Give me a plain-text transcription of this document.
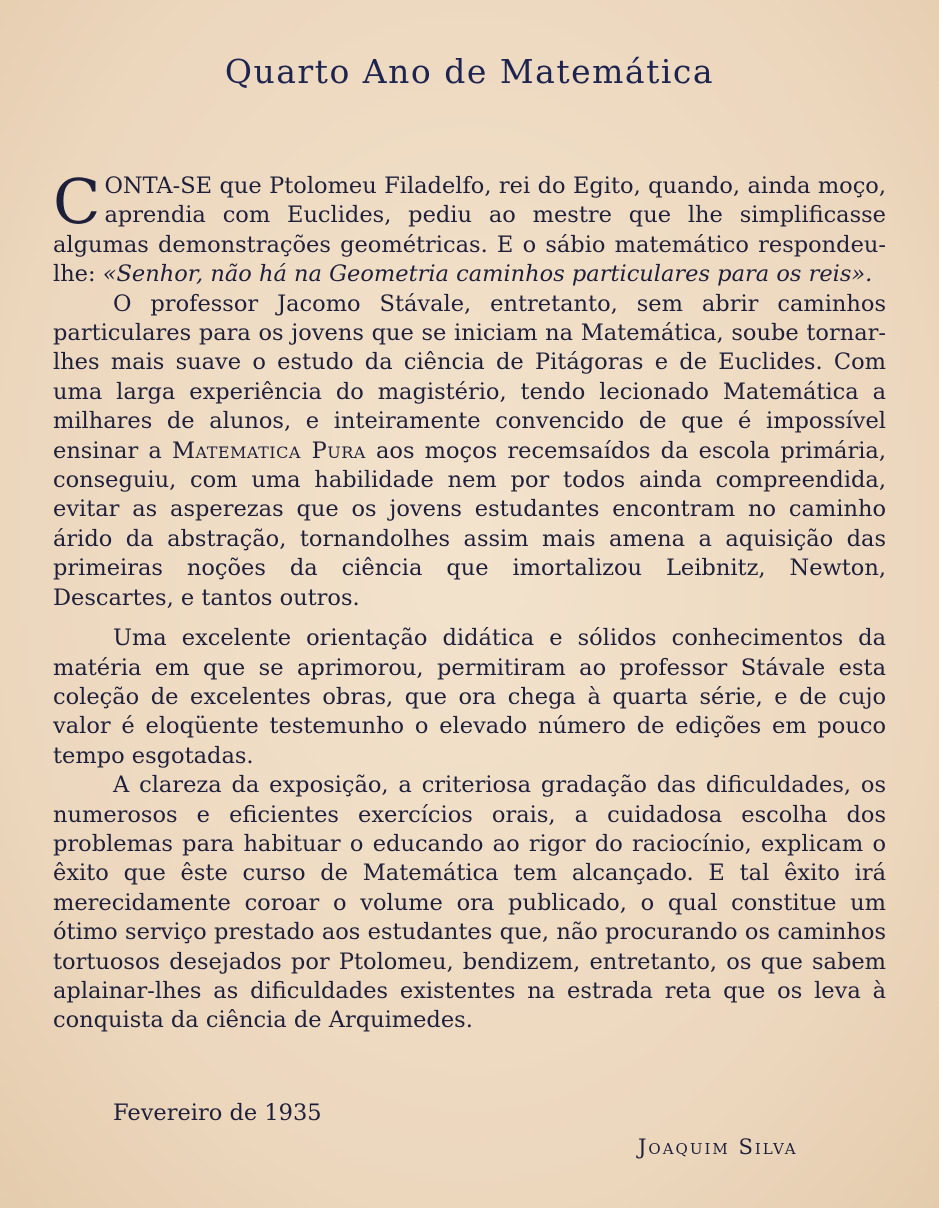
Quarto Ano de Matemática

CONTA-SE que Ptolomeu Filadelfo, rei do Egito, quando, ainda moço, aprendia com Euclides, pediu ao mestre que lhe simplificasse algumas demonstrações geométricas. E o sábio matemático respondeu-lhe: «Senhor, não há na Geometria caminhos particulares para os reis».

O professor Jacomo Stávale, entretanto, sem abrir caminhos particulares para os jovens que se iniciam na Matemática, soube tornar-lhes mais suave o estudo da ciência de Pitágoras e de Euclides. Com uma larga experiência do magistério, tendo lecionado Matemática a milhares de alunos, e inteiramente convencido de que é impossível ensinar a Matematica Pura aos moços recemsaídos da escola primária, conseguiu, com uma habilidade nem por todos ainda compreendida, evitar as asperezas que os jovens estudantes encontram no caminho árido da abstração, tornandolhes assim mais amena a aquisição das primeiras noções da ciência que imortalizou Leibnitz, Newton, Descartes, e tantos outros.

Uma excelente orientação didática e sólidos conhecimentos da matéria em que se aprimorou, permitiram ao professor Stávale esta coleção de excelentes obras, que ora chega à quarta série, e de cujo valor é eloqüente testemunho o elevado número de edições em pouco tempo esgotadas.

A clareza da exposição, a criteriosa gradação das dificuldades, os numerosos e eficientes exercícios orais, a cuidadosa escolha dos problemas para habituar o educando ao rigor do raciocínio, explicam o êxito que êste curso de Matemática tem alcançado. E tal êxito irá merecidamente coroar o volume ora publicado, o qual constitue um ótimo serviço prestado aos estudantes que, não procurando os caminhos tortuosos desejados por Ptolomeu, bendizem, entretanto, os que sabem aplainar-lhes as dificuldades existentes na estrada reta que os leva à conquista da ciência de Arquimedes.

Fevereiro de 1935
Joaquim Silva
